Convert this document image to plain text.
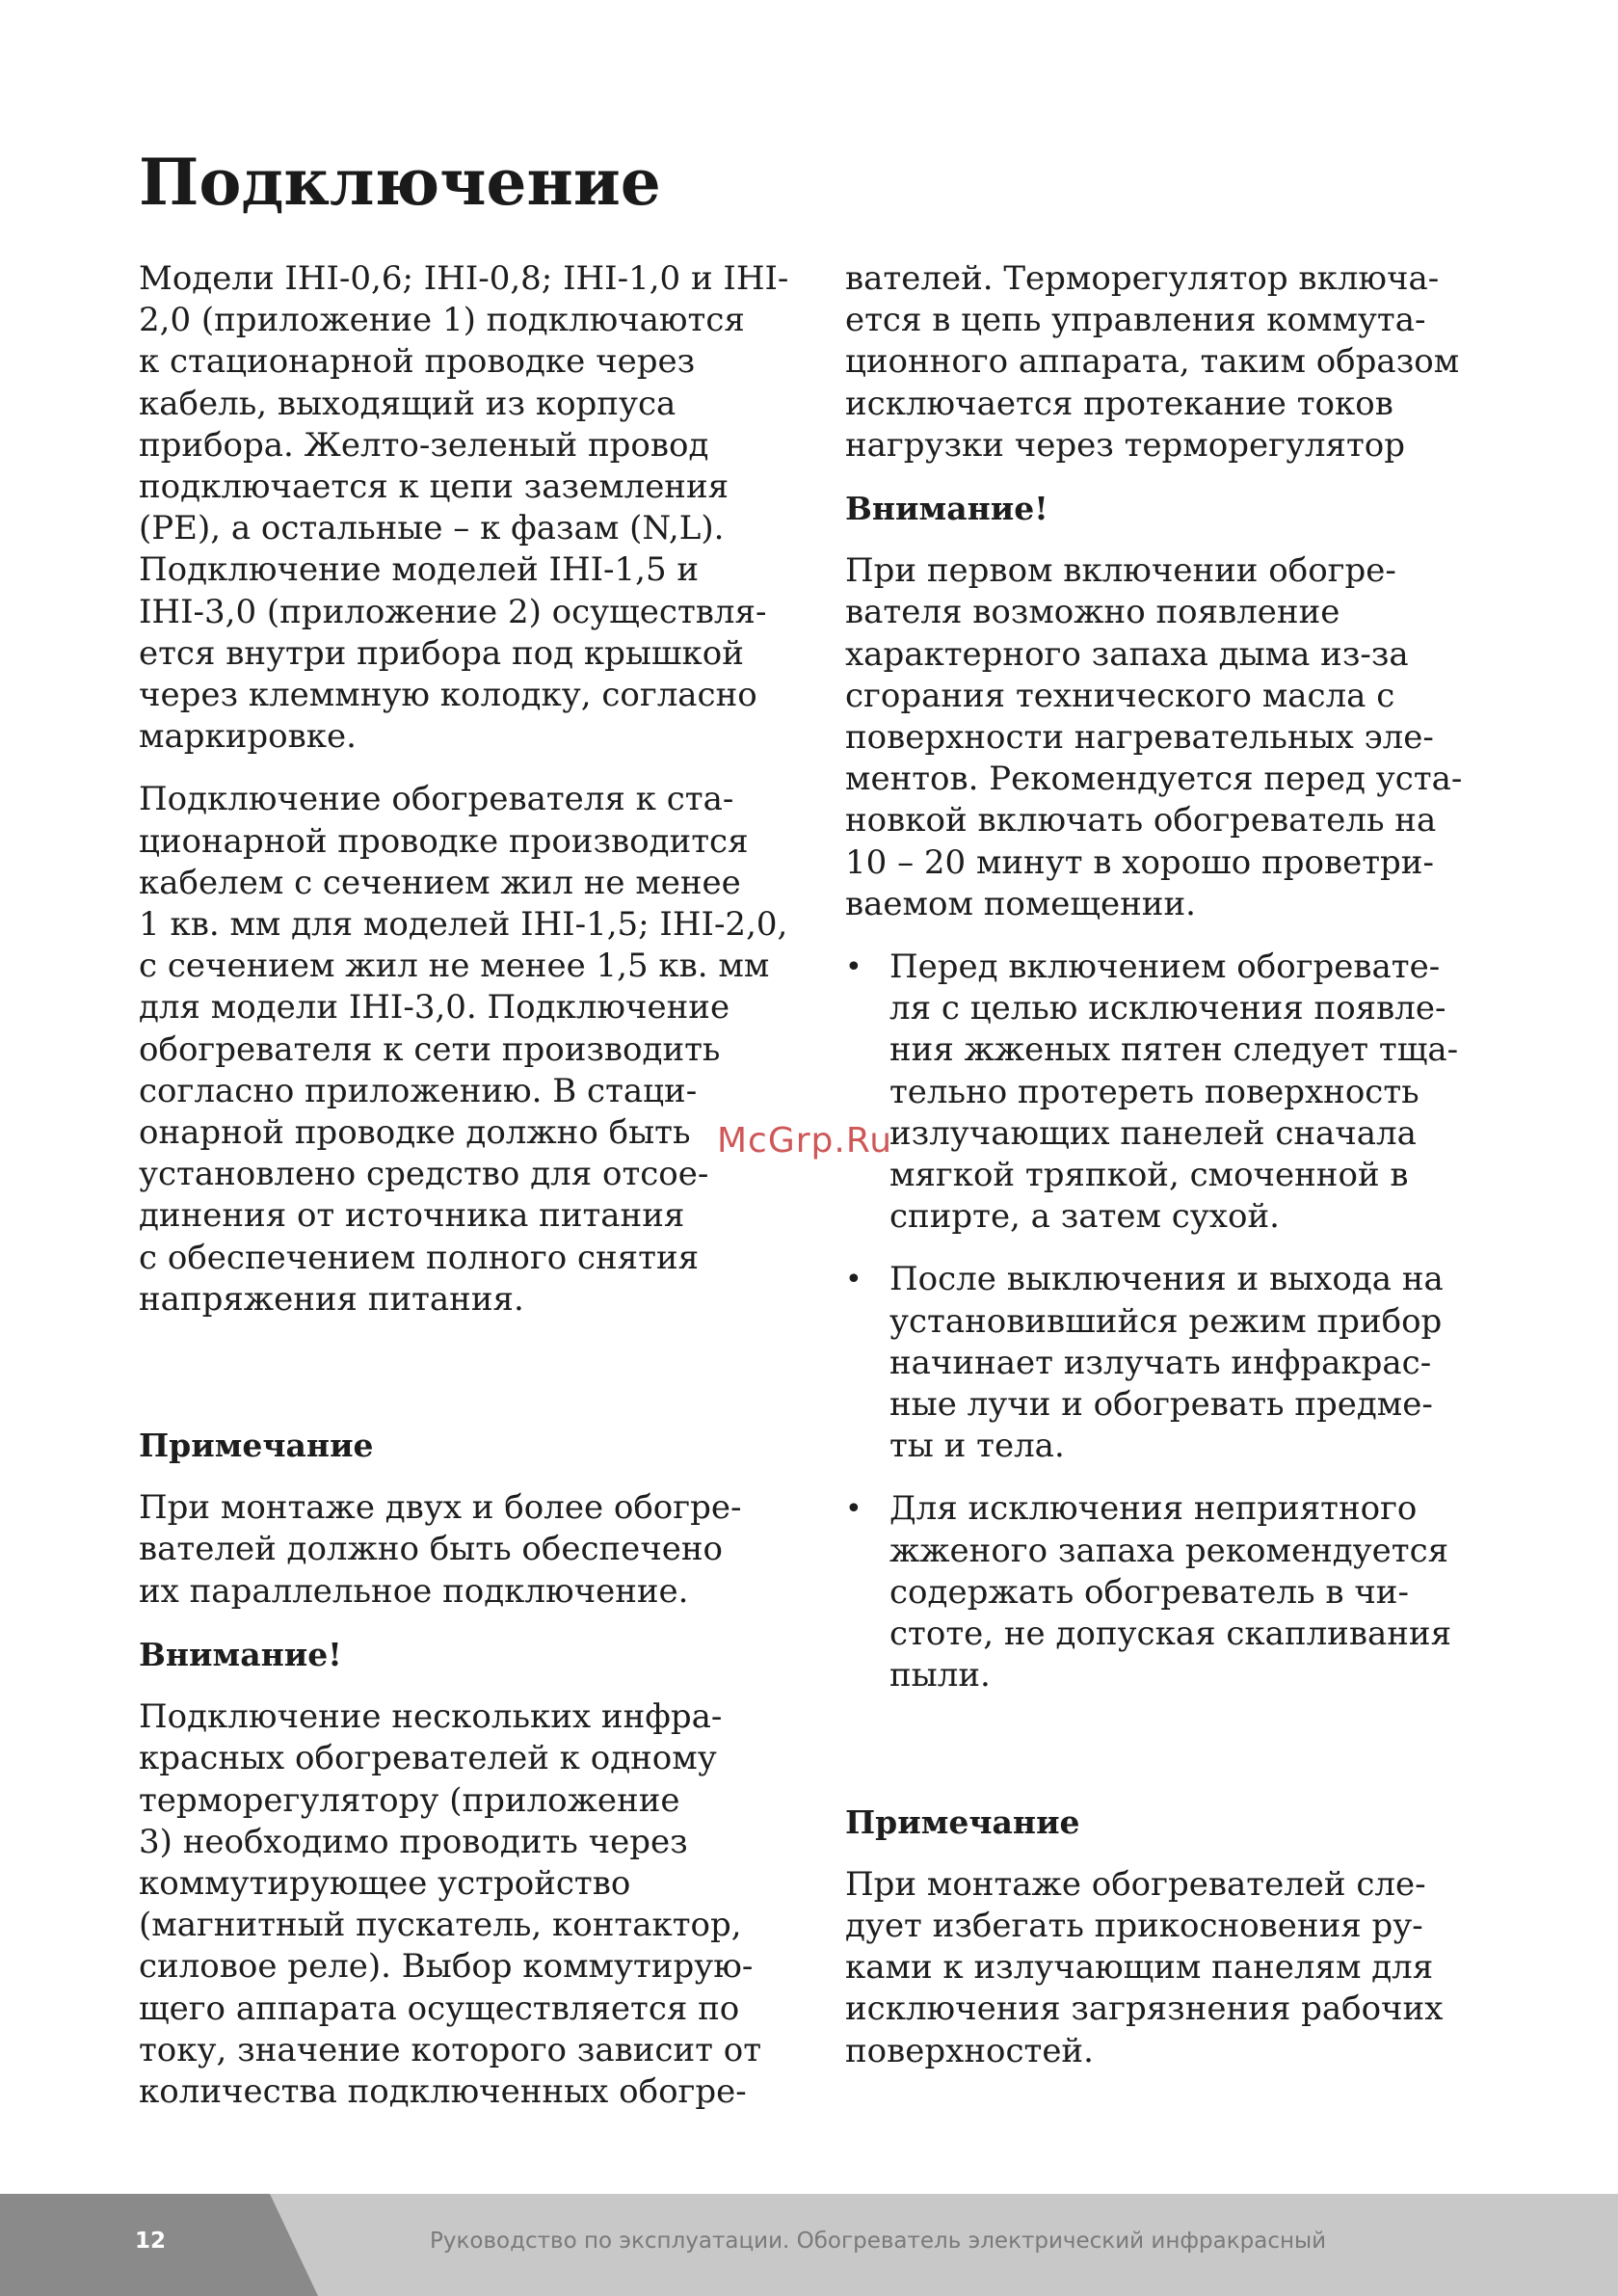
Подключение

Модели IHI-0,6; IHI-0,8; IHI-1,0 и IHI-
2,0 (приложение 1) подключаются
к стационарной проводке через
кабель, выходящий из корпуса
прибора. Желто-зеленый провод
подключается к цепи заземления
(PE), а остальные – к фазам (N,L).
Подключение моделей IHI-1,5 и
IHI-3,0 (приложение 2) осуществля-
ется внутри прибора под крышкой
через клеммную колодку, согласно
маркировке.

Подключение обогревателя к ста-
ционарной проводке производится
кабелем с сечением жил не менее
1 кв. мм для моделей IHI-1,5; IHI-2,0,
с сечением жил не менее 1,5 кв. мм
для модели IHI-3,0. Подключение
обогревателя к сети производить
согласно приложению. В стаци-
онарной проводке должно быть
установлено средство для отсое-
динения от источника питания
с обеспечением полного снятия
напряжения питания.

Примечание

При монтаже двух и более обогре-
вателей должно быть обеспечено
их параллельное подключение.

Внимание!

Подключение нескольких инфра-
красных обогревателей к одному
терморегулятору (приложение
3) необходимо проводить через
коммутирующее устройство
(магнитный пускатель, контактор,
силовое реле). Выбор коммутирую-
щего аппарата осуществляется по
току, значение которого зависит от
количества подключенных обогре-

вателей. Терморегулятор включа-
ется в цепь управления коммута-
ционного аппарата, таким образом
исключается протекание токов
нагрузки через терморегулятор

Внимание!

При первом включении обогре-
вателя возможно появление
характерного запаха дыма из-за
сгорания технического масла с
поверхности нагревательных эле-
ментов. Рекомендуется перед уста-
новкой включать обогреватель на
10 – 20 минут в хорошо проветри-
ваемом помещении.

• Перед включением обогревате-
ля с целью исключения появле-
ния жженых пятен следует тща-
тельно протереть поверхность
излучающих панелей сначала
мягкой тряпкой, смоченной в
спирте, а затем сухой.
• После выключения и выхода на
установившийся режим прибор
начинает излучать инфракрас-
ные лучи и обогревать предме-
ты и тела.
• Для исключения неприятного
жженого запаха рекомендуется
содержать обогреватель в чи-
стоте, не допуская скапливания
пыли.
Примечание

При монтаже обогревателей сле-
дует избегать прикосновения ру-
ками к излучающим панелям для
исключения загрязнения рабочих
поверхностей.

McGrp.Ru
12	Руководство по эксплуатации. Обогреватель электрический инфракрасный
